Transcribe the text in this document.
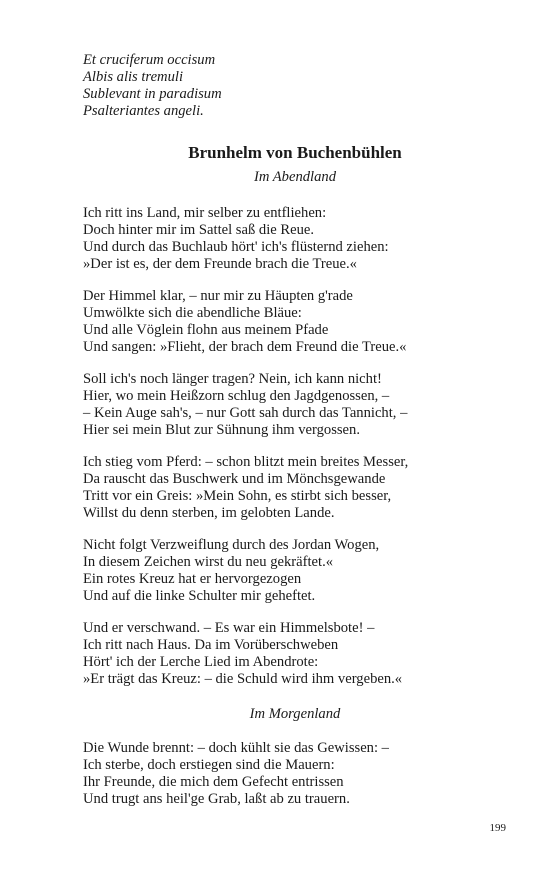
Et cruciferum occisum
Albis alis tremuli
Sublevant in paradisum
Psalteriantes angeli.
Brunhelm von Buchenbühlen
Im Abendland
Ich ritt ins Land, mir selber zu entfliehen:
Doch hinter mir im Sattel saß die Reue.
Und durch das Buchlaub hört' ich's flüsternd ziehen:
»Der ist es, der dem Freunde brach die Treue.«
Der Himmel klar, – nur mir zu Häupten g'rade
Umwölkte sich die abendliche Bläue:
Und alle Vöglein flohn aus meinem Pfade
Und sangen: »Flieht, der brach dem Freund die Treue.«
Soll ich's noch länger tragen? Nein, ich kann nicht!
Hier, wo mein Heißzorn schlug den Jagdgenossen, –
– Kein Auge sah's, – nur Gott sah durch das Tannicht, –
Hier sei mein Blut zur Sühnung ihm vergossen.
Ich stieg vom Pferd: – schon blitzt mein breites Messer,
Da rauscht das Buschwerk und im Mönchsgewande
Tritt vor ein Greis: »Mein Sohn, es stirbt sich besser,
Willst du denn sterben, im gelobten Lande.
Nicht folgt Verzweiflung durch des Jordan Wogen,
In diesem Zeichen wirst du neu gekräftet.«
Ein rotes Kreuz hat er hervorgezogen
Und auf die linke Schulter mir geheftet.
Und er verschwand. – Es war ein Himmelsbote! –
Ich ritt nach Haus. Da im Vorüberschweben
Hört' ich der Lerche Lied im Abendrote:
»Er trägt das Kreuz: – die Schuld wird ihm vergeben.«
Im Morgenland
Die Wunde brennt: – doch kühlt sie das Gewissen: –
Ich sterbe, doch erstiegen sind die Mauern:
Ihr Freunde, die mich dem Gefecht entrissen
Und trugt ans heil'ge Grab, laßt ab zu trauern.
199
